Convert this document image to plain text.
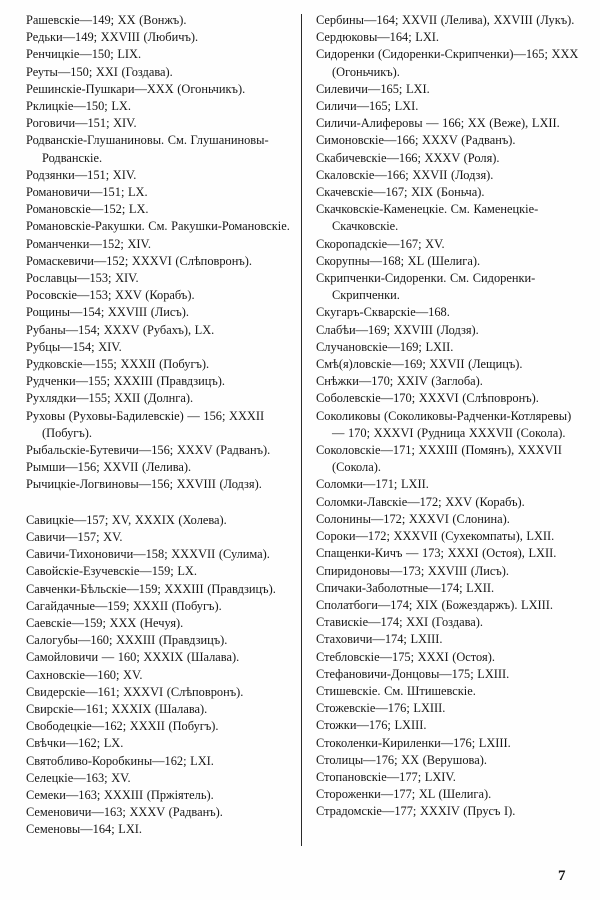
Рашевскiе—149; XX (Вонжъ).
Редьки—149; XXVIII (Любичъ).
Ренчицкiе—150; LIX.
Реуты—150; XXI (Гоздава).
Решинскiе-Пушкари—XXX (Огоньчикъ).
Рклицкiе—150; LX.
Роговичи—151; XIV.
Родванскiе-Глушаниновы. См. Глушаниновы-Родванскiе.
Родзянки—151; XIV.
Романовичи—151; LX.
Романовскiе—152; LX.
Романовскiе-Ракушки. См. Ракушки-Романовскiе.
Романченки—152; XIV.
Ромаскевичи—152; XXXVI (Слѣповронъ).
Рославцы—153; XIV.
Росовскiе—153; XXV (Корабъ).
Рощины—154; XXVIII (Лисъ).
Рубаны—154; XXXV (Рубахъ), LX.
Рубцы—154; XIV.
Рудковскiе—155; XXXII (Побугъ).
Рудченки—155; XXXIII (Правдзицъ).
Рухлядки—155; XXII (Долнга).
Руховы (Руховы-Бадилевскiе) — 156; XXXII (Побугъ).
Рыбальскiе-Бутевичи—156; XXXV (Радванъ).
Рымши—156; XXVII (Лелива).
Рычицкiе-Логвиновы—156; XXVIII (Лодзя).
Савицкiе—157; XV, XXXIX (Холева).
Савичи—157; XV.
Савичи-Тихоновичи—158; XXXVII (Сулима).
Савойскiе-Езучевскiе—159; LX.
Савченки-Бѣльскiе—159; XXXIII (Правдзицъ).
Сагайдачные—159; XXXII (Побугъ).
Саевскiе—159; XXX (Нечуя).
Салогубы—160; XXXIII (Правдзицъ).
Самойловичи — 160; XXXIX (Шалава).
Сахновскiе—160; XV.
Свидерскiе—161; XXXVI (Слѣповронъ).
Свирскiе—161; XXXIX (Шалава).
Свободецкiе—162; XXXII (Побугъ).
Свѣчки—162; LX.
Святобливо-Коробкины—162; LXI.
Селецкiе—163; XV.
Семеки—163; XXXIII (Пржiятель).
Семеновичи—163; XXXV (Радванъ).
Семеновы—164; LXI.
Сербины—164; XXVII (Лелива), XXVIII (Лукъ).
Сердюковы—164; LXI.
Сидоренки (Сидоренки-Скрипченки)—165; XXX (Огоньчикъ).
Силевичи—165; LXI.
Силичи—165; LXI.
Силичи-Алиферовы — 166; XX (Веже), LXII.
Симоновскiе—166; XXXV (Радванъ).
Скабичевскiе—166; XXXV (Роля).
Скаловскiе—166; XXVII (Лодзя).
Скачевскiе—167; XIX (Боньча).
Скачковскiе-Каменецкiе. См. Каменецкiе-Скачковскiе.
Скоропадскiе—167; XV.
Скорупны—168; XL (Шелига).
Скрипченки-Сидоренки. См. Сидоренки-Скрипченки.
Скугаръ-Скварскiе—168.
Слабѣи—169; XXVIII (Лодзя).
Случановскiе—169; LXII.
Смѣ(я)ловскiе—169; XXVII (Лещицъ).
Снѣжки—170; XXIV (Заглоба).
Соболевскiе—170; XXXVI (Слѣповронъ).
Соколиковы (Соколиковы-Радченки-Котляревы) — 170; XXXVI (Рудница XXXVII (Сокола).
Соколовскiе—171; XXXIII (Помянъ), XXXVII (Сокола).
Соломки—171; LXII.
Соломки-Лавскiе—172; XXV (Корабъ).
Солонины—172; XXXVI (Слонина).
Сороки—172; XXXVII (Сухекомпаты), LXII.
Спащенки-Кичъ — 173; XXXI (Остоя), LXII.
Спиридоновы—173; XXVIII (Лисъ).
Спичаки-Заболотные—174; LXII.
Сполатбоги—174; XIX (Божездаржъ). LXIII.
Ставискiе—174; XXI (Гоздава).
Стаховичи—174; LXIII.
Стебловскiе—175; XXXI (Остоя).
Стефановичи-Донцовы—175; LXIII.
Стишевскiе. См. Штишевскiе.
Стожевскiе—176; LXIII.
Стожки—176; LXIII.
Стоколенки-Кириленки—176; LXIII.
Столицы—176; XX (Верушова).
Стопановскiе—177; LXIV.
Стороженки—177; XL (Шелига).
Страдомскiе—177; XXXIV (Прусъ I).
7
